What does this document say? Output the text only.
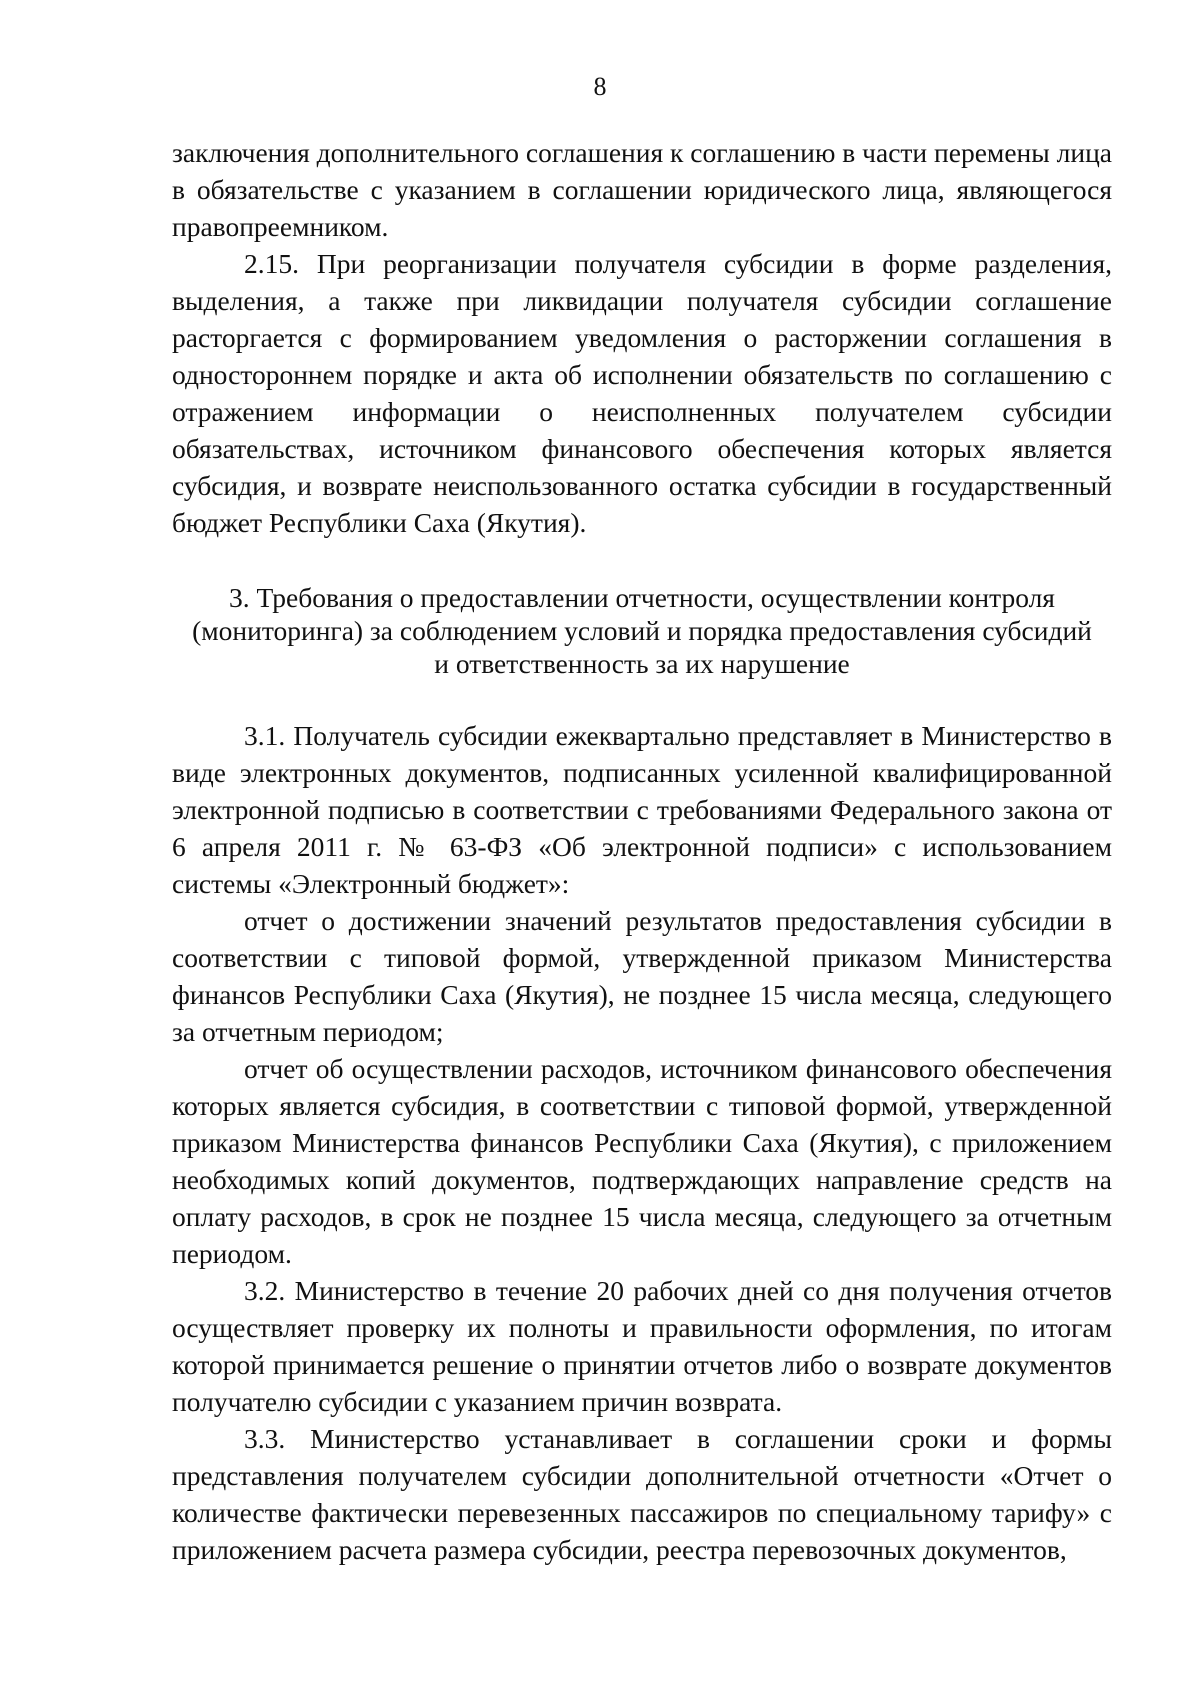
8

заключения дополнительного соглашения к соглашению в части перемены лица в обязательстве с указанием в соглашении юридического лица, являющегося правопреемником.

2.15. При реорганизации получателя субсидии в форме разделения, выделения, а также при ликвидации получателя субсидии соглашение расторгается с формированием уведомления о расторжении соглашения в одностороннем порядке и акта об исполнении обязательств по соглашению с отражением информации о неисполненных получателем субсидии обязательствах, источником финансового обеспечения которых является субсидия, и возврате неиспользованного остатка субсидии в государственный бюджет Республики Саха (Якутия).

3. Требования о предоставлении отчетности, осуществлении контроля
(мониторинга) за соблюдением условий и порядка предоставления субсидий
и ответственность за их нарушение

3.1. Получатель субсидии ежеквартально представляет в Министерство в виде электронных документов, подписанных усиленной квалифицированной электронной подписью в соответствии с требованиями Федерального закона от 6 апреля 2011 г. № 63-ФЗ «Об электронной подписи» с использованием системы «Электронный бюджет»:

отчет о достижении значений результатов предоставления субсидии в соответствии с типовой формой, утвержденной приказом Министерства финансов Республики Саха (Якутия), не позднее 15 числа месяца, следующего за отчетным периодом;

отчет об осуществлении расходов, источником финансового обеспечения которых является субсидия, в соответствии с типовой формой, утвержденной приказом Министерства финансов Республики Саха (Якутия), с приложением необходимых копий документов, подтверждающих направление средств на оплату расходов, в срок не позднее 15 числа месяца, следующего за отчетным периодом.

3.2. Министерство в течение 20 рабочих дней со дня получения отчетов осуществляет проверку их полноты и правильности оформления, по итогам которой принимается решение о принятии отчетов либо о возврате документов получателю субсидии с указанием причин возврата.

3.3. Министерство устанавливает в соглашении сроки и формы представления получателем субсидии дополнительной отчетности «Отчет о количестве фактически перевезенных пассажиров по специальному тарифу» с приложением расчета размера субсидии, реестра перевозочных документов,
